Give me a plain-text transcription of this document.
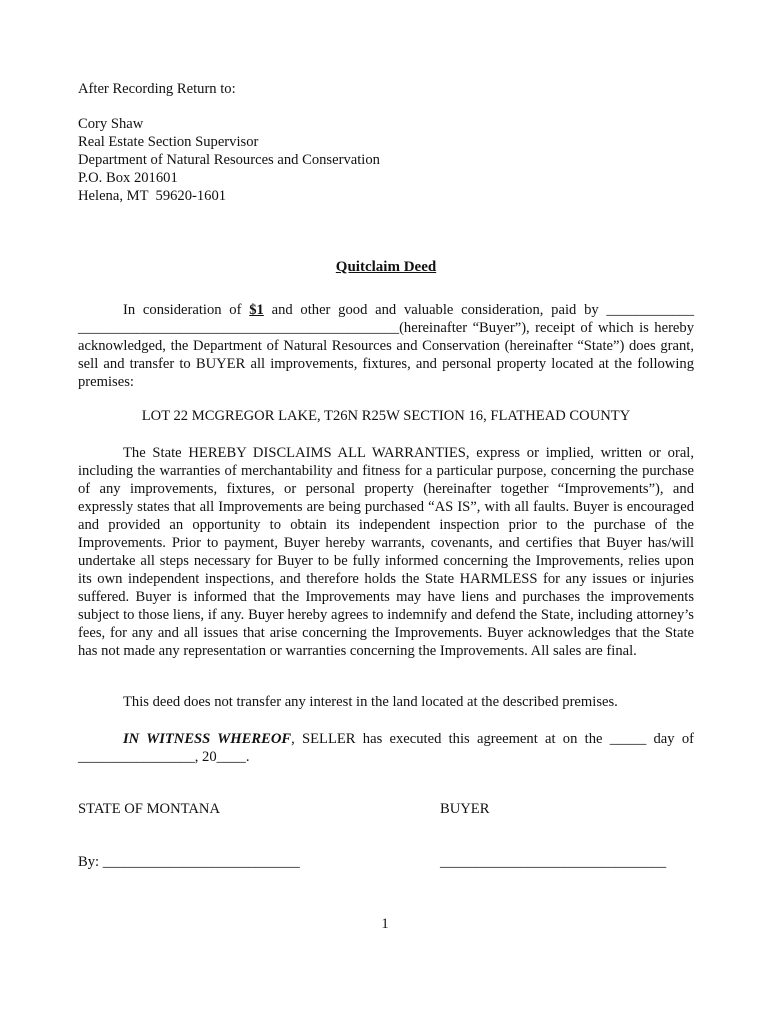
After Recording Return to:
Cory Shaw
Real Estate Section Supervisor
Department of Natural Resources and Conservation
P.O. Box 201601
Helena, MT  59620-1601
Quitclaim Deed
In consideration of $1 and other good and valuable consideration, paid by ____________ ____________________________________________(hereinafter “Buyer”), receipt of which is hereby acknowledged, the Department of Natural Resources and Conservation (hereinafter “State”) does grant, sell and transfer to BUYER all improvements, fixtures, and personal property located at the following premises:
LOT 22 MCGREGOR LAKE, T26N R25W SECTION 16, FLATHEAD COUNTY
The State HEREBY DISCLAIMS ALL WARRANTIES, express or implied, written or oral, including the warranties of merchantability and fitness for a particular purpose, concerning the purchase of any improvements, fixtures, or personal property (hereinafter together “Improvements”), and expressly states that all Improvements are being purchased “AS IS”, with all faults. Buyer is encouraged and provided an opportunity to obtain its independent inspection prior to the purchase of the Improvements. Prior to payment, Buyer hereby warrants, covenants, and certifies that Buyer has/will undertake all steps necessary for Buyer to be fully informed concerning the Improvements, relies upon its own independent inspections, and therefore holds the State HARMLESS for any issues or injuries suffered. Buyer is informed that the Improvements may have liens and purchases the improvements subject to those liens, if any. Buyer hereby agrees to indemnify and defend the State, including attorney’s fees, for any and all issues that arise concerning the Improvements. Buyer acknowledges that the State has not made any representation or warranties concerning the Improvements. All sales are final.
This deed does not transfer any interest in the land located at the described premises.
IN WITNESS WHEREOF, SELLER has executed this agreement at on the _____ day of ________________, 20____.
STATE OF MONTANA	BUYER
By: ___________________________	_______________________________
1
